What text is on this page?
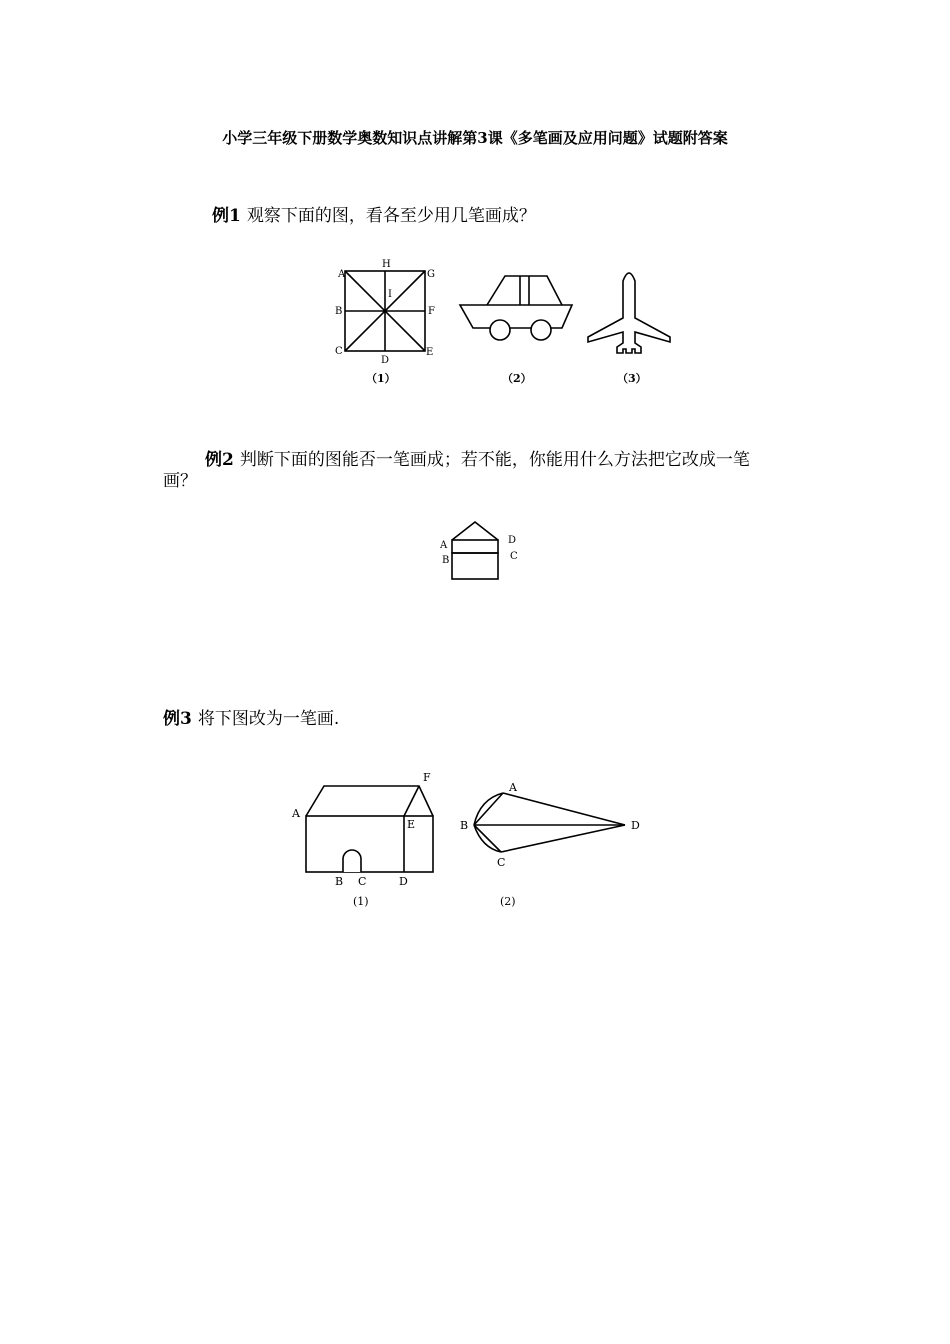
小学三年级下册数学奥数知识点讲解第3课《多笔画及应用问题》试题附答案
例1 观察下面的图，看各至少用几笔画成？
A
H
G
B
I
F
C
D
E
（1）	（2）	（3）
例2 判断下面的图能否一笔画成；若不能，你能用什么方法把它改成一笔
画？
A
B
D
C
例3 将下图改为一笔画.
A
F
E
B C	D
(1)
A
B
C
D
(2)
